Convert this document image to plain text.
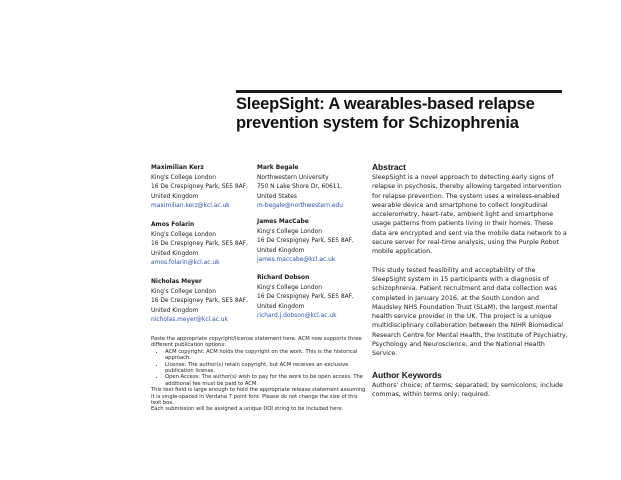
SleepSight: A wearables-based relapse
prevention system for Schizophrenia
Maximilian Kerz
King's College London
16 De Crespigney Park, SE5 8AF,
United Kingdom
maximilian.kerz@kcl.ac.uk
Amos Folarin
King's College London
16 De Crespigney Park, SE5 8AF,
United Kingdom
amos.folarin@kcl.ac.uk
Nicholas Meyer
King's College London
16 De Crespigney Park, SE5 8AF,
United Kingdom
nicholas.meyer@kcl.ac.uk
Mark Begale
Northwestern University
750 N Lake Shore Dr, 60611,
United States
m-begale@northwestern.edu
James MacCabe
King's College London
16 De Crespigney Park, SE5 8AF,
United Kingdom
james.maccabe@kcl.ac.uk
Richard Dobson
King's College London
16 De Crespigney Park, SE5 8AF,
United Kingdom
richard.j.dobson@kcl.ac.uk
Paste the appropriate copyright/license statement here. ACM now supports three different publication options:
• ACM copyright: ACM holds the copyright on the work. This is the historical approach.
• License: The author(s) retain copyright, but ACM receives an exclusive publication license.
• Open Access: The author(s) wish to pay for the work to be open access. The additional fee must be paid to ACM.
This text field is large enough to hold the appropriate release statement assuming it is single-spaced in Verdana 7 point font. Please do not change the size of this text box.
Each submission will be assigned a unique DOI string to be included here.
Abstract

SleepSight is a novel approach to detecting early signs of relapse in psychosis, thereby allowing targeted intervention for relapse prevention. The system uses a wireless-enabled wearable device and smartphone to collect longitudinal accelerometry, heart-rate, ambient light and smartphone usage patterns from patients living in their homes. These data are encrypted and sent via the mobile data network to a secure server for real-time analysis, using the Purple Robot mobile application.

This study tested feasibility and acceptability of the SleepSight system in 15 participants with a diagnosis of schizophrenia. Patient recruitment and data collection was completed in January 2016, at the South London and Maudsley NHS Foundation Trust (SLaM), the largest mental health service provider in the UK. The project is a unique multidisciplinary collaboration between the NIHR Biomedical Research Centre for Mental Health, the Institute of Psychiatry, Psychology and Neuroscience, and the National Health Service.

Author Keywords

Authors' choice; of terms; separated; by semicolons; include commas, within terms only; required.
